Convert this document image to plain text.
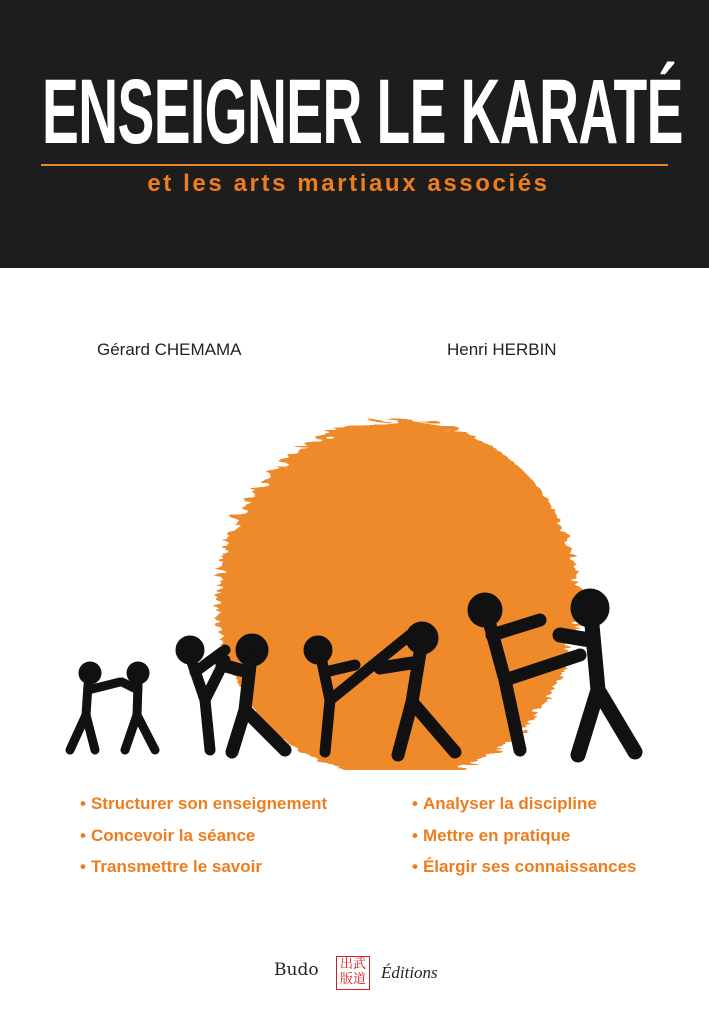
ENSEIGNER LE KARATÉ
et les arts martiaux associés
Gérard CHEMAMA	Henri HERBIN
• Structurer son enseignement
• Concevoir la séance
• Transmettre le savoir
• Analyser la discipline
• Mettre en pratique
• Élargir ses connaissances
Budo	出武版道 Éditions
